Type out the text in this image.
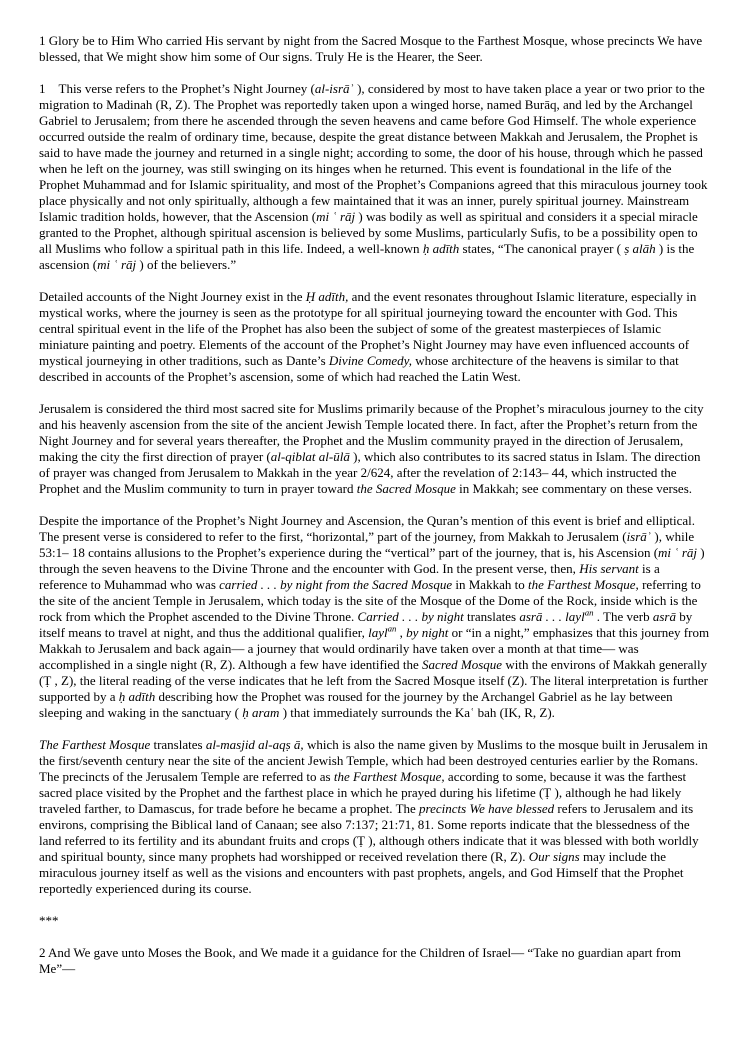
1 Glory be to Him Who carried His servant by night from the Sacred Mosque to the Farthest Mosque, whose precincts We have blessed, that We might show him some of Our signs. Truly He is the Hearer, the Seer.

1 This verse refers to the Prophet’s Night Journey (al-isrāʾ ), considered by most to have taken place a year or two prior to the migration to Madinah (R, Z). The Prophet was reportedly taken upon a winged horse, named Burāq, and led by the Archangel Gabriel to Jerusalem; from there he ascended through the seven heavens and came before God Himself. The whole experience occurred outside the realm of ordinary time, because, despite the great distance between Makkah and Jerusalem, the Prophet is said to have made the journey and returned in a single night; according to some, the door of his house, through which he passed when he left on the journey, was still swinging on its hinges when he returned. This event is foundational in the life of the Prophet Muhammad and for Islamic spirituality, and most of the Prophet’s Companions agreed that this miraculous journey took place physically and not only spiritually, although a few maintained that it was an inner, purely spiritual journey. Mainstream Islamic tradition holds, however, that the Ascension (mi ʿ rāj ) was bodily as well as spiritual and considers it a special miracle granted to the Prophet, although spiritual ascension is believed by some Muslims, particularly Sufis, to be a possibility open to all Muslims who follow a spiritual path in this life. Indeed, a well-known ḥ adīth states, “The canonical prayer ( ṣ alāh ) is the ascension (mi ʿ rāj ) of the believers.”

Detailed accounts of the Night Journey exist in the Ḥ adīth, and the event resonates throughout Islamic literature, especially in mystical works, where the journey is seen as the prototype for all spiritual journeying toward the encounter with God. This central spiritual event in the life of the Prophet has also been the subject of some of the greatest masterpieces of Islamic miniature painting and poetry. Elements of the account of the Prophet’s Night Journey may have even influenced accounts of mystical journeying in other traditions, such as Dante’s Divine Comedy, whose architecture of the heavens is similar to that described in accounts of the Prophet’s ascension, some of which had reached the Latin West.

Jerusalem is considered the third most sacred site for Muslims primarily because of the Prophet’s miraculous journey to the city and his heavenly ascension from the site of the ancient Jewish Temple located there. In fact, after the Prophet’s return from the Night Journey and for several years thereafter, the Prophet and the Muslim community prayed in the direction of Jerusalem, making the city the first direction of prayer (al-qiblat al-ūlā ), which also contributes to its sacred status in Islam. The direction of prayer was changed from Jerusalem to Makkah in the year 2/624, after the revelation of 2:143– 44, which instructed the Prophet and the Muslim community to turn in prayer toward the Sacred Mosque in Makkah; see commentary on these verses.

Despite the importance of the Prophet’s Night Journey and Ascension, the Quran’s mention of this event is brief and elliptical. The present verse is considered to refer to the first, “horizontal,” part of the journey, from Makkah to Jerusalem (isrāʾ ), while 53:1– 18 contains allusions to the Prophet’s experience during the “vertical” part of the journey, that is, his Ascension (mi ʿ rāj ) through the seven heavens to the Divine Throne and the encounter with God. In the present verse, then, His servant is a reference to Muhammad who was carried . . . by night from the Sacred Mosque in Makkah to the Farthest Mosque, referring to the site of the ancient Temple in Jerusalem, which today is the site of the Mosque of the Dome of the Rock, inside which is the rock from which the Prophet ascended to the Divine Throne. Carried . . . by night translates asrā . . . layl$^{an}$ . The verb asrā by itself means to travel at night, and thus the additional qualifier, layl$^{an}$ , by night or “in a night,” emphasizes that this journey from Makkah to Jerusalem and back again— a journey that would ordinarily have taken over a month at that time— was accomplished in a single night (R, Z). Although a few have identified the Sacred Mosque with the environs of Makkah generally (Ṭ , Z), the literal reading of the verse indicates that he left from the Sacred Mosque itself (Z). The literal interpretation is further supported by a ḥ adīth describing how the Prophet was roused for the journey by the Archangel Gabriel as he lay between sleeping and waking in the sanctuary ( ḥ aram ) that immediately surrounds the Kaʿ bah (IK, R, Z).

The Farthest Mosque translates al-masjid al-aqṣ ā, which is also the name given by Muslims to the mosque built in Jerusalem in the first/seventh century near the site of the ancient Jewish Temple, which had been destroyed centuries earlier by the Romans. The precincts of the Jerusalem Temple are referred to as the Farthest Mosque, according to some, because it was the farthest sacred place visited by the Prophet and the farthest place in which he prayed during his lifetime (Ṭ ), although he had likely traveled farther, to Damascus, for trade before he became a prophet. The precincts We have blessed refers to Jerusalem and its environs, comprising the Biblical land of Canaan; see also 7:137; 21:71, 81. Some reports indicate that the blessedness of the land referred to its fertility and its abundant fruits and crops (Ṭ ), although others indicate that it was blessed with both worldly and spiritual bounty, since many prophets had worshipped or received revelation there (R, Z). Our signs may include the miraculous journey itself as well as the visions and encounters with past prophets, angels, and God Himself that the Prophet reportedly experienced during its course.

***

2 And We gave unto Moses the Book, and We made it a guidance for the Children of Israel— “Take no guardian apart from Me”—
